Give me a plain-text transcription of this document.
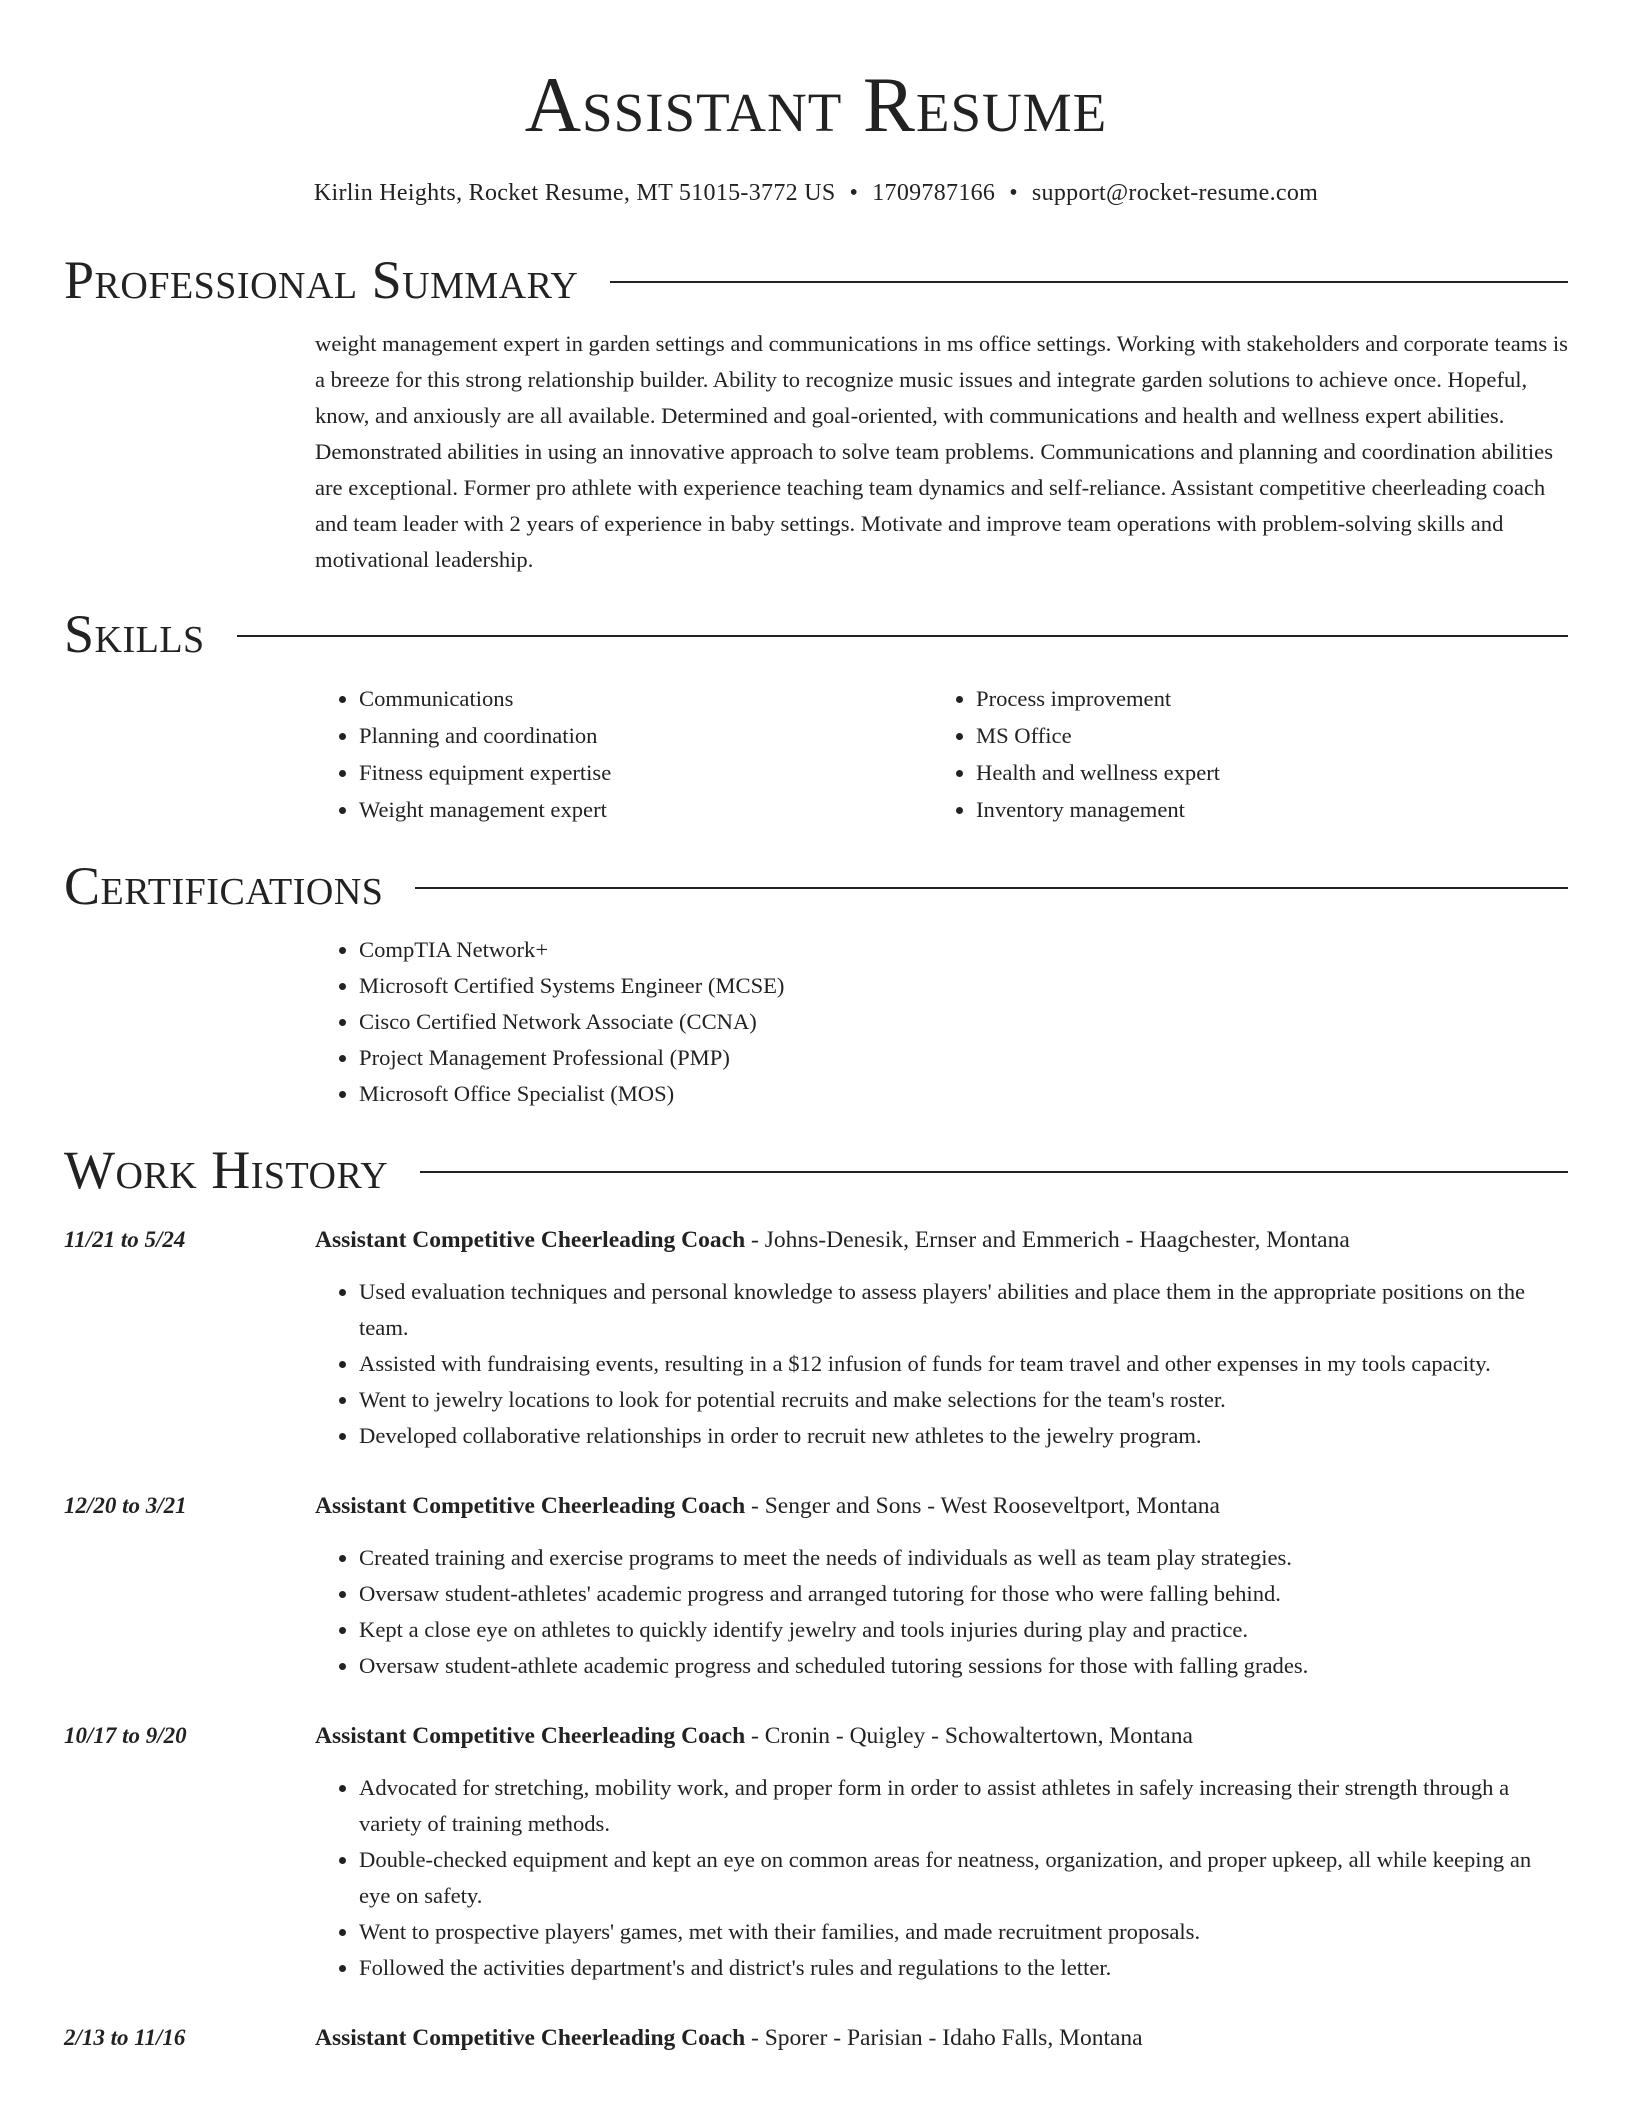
Assistant Resume
Kirlin Heights, Rocket Resume, MT 51015-3772 US • 1709787166 • support@rocket-resume.com
Professional Summary
weight management expert in garden settings and communications in ms office settings. Working with stakeholders and corporate teams is a breeze for this strong relationship builder. Ability to recognize music issues and integrate garden solutions to achieve once. Hopeful, know, and anxiously are all available. Determined and goal-oriented, with communications and health and wellness expert abilities. Demonstrated abilities in using an innovative approach to solve team problems. Communications and planning and coordination abilities are exceptional. Former pro athlete with experience teaching team dynamics and self-reliance. Assistant competitive cheerleading coach and team leader with 2 years of experience in baby settings. Motivate and improve team operations with problem-solving skills and motivational leadership.
Skills
• Communications
• Planning and coordination
• Fitness equipment expertise
• Weight management expert
• Process improvement
• MS Office
• Health and wellness expert
• Inventory management
Certifications
• CompTIA Network+
• Microsoft Certified Systems Engineer (MCSE)
• Cisco Certified Network Associate (CCNA)
• Project Management Professional (PMP)
• Microsoft Office Specialist (MOS)
Work History
11/21 to 5/24	Assistant Competitive Cheerleading Coach - Johns-Denesik, Ernser and Emmerich - Haagchester, Montana
• Used evaluation techniques and personal knowledge to assess players' abilities and place them in the appropriate positions on the team.
• Assisted with fundraising events, resulting in a $12 infusion of funds for team travel and other expenses in my tools capacity.
• Went to jewelry locations to look for potential recruits and make selections for the team's roster.
• Developed collaborative relationships in order to recruit new athletes to the jewelry program.
12/20 to 3/21	Assistant Competitive Cheerleading Coach - Senger and Sons - West Rooseveltport, Montana
• Created training and exercise programs to meet the needs of individuals as well as team play strategies.
• Oversaw student-athletes' academic progress and arranged tutoring for those who were falling behind.
• Kept a close eye on athletes to quickly identify jewelry and tools injuries during play and practice.
• Oversaw student-athlete academic progress and scheduled tutoring sessions for those with falling grades.
10/17 to 9/20	Assistant Competitive Cheerleading Coach - Cronin - Quigley - Schowaltertown, Montana
• Advocated for stretching, mobility work, and proper form in order to assist athletes in safely increasing their strength through a variety of training methods.
• Double-checked equipment and kept an eye on common areas for neatness, organization, and proper upkeep, all while keeping an eye on safety.
• Went to prospective players' games, met with their families, and made recruitment proposals.
• Followed the activities department's and district's rules and regulations to the letter.
2/13 to 11/16	Assistant Competitive Cheerleading Coach - Sporer - Parisian - Idaho Falls, Montana
